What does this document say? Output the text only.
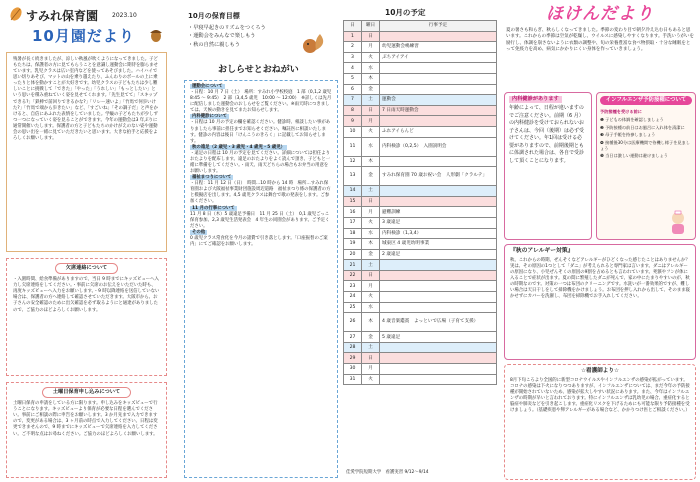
すみれ保育園 2023.10
10月園だより

残暑が長く続きましたが、涼しい秋風が吹くようになってきました。子どもたちは、保護者の方に見てもらうことを意識し運動会に期待を膨らませています。乳児クラスは広い室内などを使ってあそびました。ハイハイで思い切りあそび、マットの山を乗り越えたり、ふんわりのボールの上に乗ったりと体を動かすことが大好きです。幼児クラスの子どもたちは少し難しいことに挑戦して「できた」「やった」「うれしい」「もっとしたい」という思いを積み重ねていく姿を見せてくれます。「先生見てて」「スキップできる?」「鉄棒で前回りできるかな?」「リレー速いよ」「竹馬で何歩いけた?」「竹馬で端から歩きたい」など、「すごいね」「その調子だ」と声をかけると、自信にあふれた表情をしていました。学級の子どもたちが少しずつ一つになっていく姿を見ることができます。今年の運動会は3 年ぶりに通常開催いたします。保護者の方と子どもたちのかけがえのない姿や運動会の思い出を一緒に見ていただきたいと思います。大きな拍手と応援をよろしくお願いします。

欠席連絡について
・入園時間、給食準備がありますので、当日 9 時までにキッズビューへ入力し欠席連絡をしてください。・事前に欠席のお伝えをいただいた時も、再度キッズビューへ入力をお願いします。・9 時以降連絡を送信していない場合は、保護者の方へ連絡して確認させていただきます。大阪市から、お子さんの安全確認のために出欠確認を必ず取るようにと通達がありましたので、ご協力のほどよろしくお願いします。
土曜日保育申し込みについて
土曜日保育の申請をしている方に限ります。申し込みをキッズビューで行うことになります。キッズビューより保育が必要な日程を選んでください。事前にご相談の際に申告をお願いします。3 か月先まで入力できますので、変更がある場合は、3 ヶ月前の時点で入力してください。日程は変更できませんので、9 時までにキッズビューで欠席連絡を入力してください。ご不明な点はお尋ねください。ご協力のほどよろしくお願いします。
10月の保育目標
・早寝早起きのリズムをつくろう
・運動会をみんなで楽しもう
・秋の自然に親しもう
おしらせとおねがい
運動会について
・日程：10 月 7 日（土）　場所：すみれ小学校校庭　1 部（0,1,2 歳児　8:45 〜 9:45）　2 部（3,4,5 歳児　10:00 〜 12:00）　※詳しくは先月に配信しました運動会のおしらせをご覧ください。※雨天時につきましては、天候の動きを見てまたお知らせします。
内科健診について
・日程は 10 月の予定の欄を確認ください。健診時、相談したい事がありましたら事前に担任までお知らせください。嘱託医に相談いたします。健診の内容は後日「けんこうのきろく」に記載してお知らせします。
秋の遠足（2 歳児・3 歳児・4 歳児・5 歳児）
・遠足の日程は 10 月の予定を見てください。詳細については担任よりおたよりを配布します。遠足のおたよりをよく読んで頂き、子どもと一緒に準備をしてください。・雨天、雨天どちらの場合もお弁当の用意をお願いします。
福祉まつりについて
・日程：11 月 12 日（日）　時間…10 時から 14 時　場所…すみれ保育園および大阪福祉事業財団施設周辺道路　福祉まつり係の保護者の方と模擬店を出します。4,5 歳児クラスは舞台で歌の発表をします。ご参加ください。
11 月の行事について
11 月 8 日（木）5 歳遠足予備日　11 月 25 日（土）　0,1 歳児ごっこ保育参加、2,3 歳児生活発表会　4 年生の同園会があります。ご予定ください。
その他
0 歳児クラス常食化を今月の諸費で引き落とします。「口座振替のご案内」にてご確認をお願いします。
10月の予定
日	曜日	行事予定
1	日	
2	月	幼児運動会嶋練習
3	火	ぶちアイアイ
4	水	
5	木	
6	金	
7	土	運動会
8	日	7 日雨天時運動会
9	月	
10	火	ふれアイらんど
11	水	内科検診（0,2,5）　入園説明会
12	木	
13	金	すみれ保育園 70 歳お祝い会　人形劇「クラルテ」
14	土	
15	日	
16	月	避難訓練
17	火	3 歳遠足
18	水	内科検診（1,3,4）
19	木	城東区 4 歳児幼明事業
20	金	2 歳遠足
21	土	
22	日	
23	月	
24	火	
25	水	
26	木	4 歳音楽鑑賞　よっといで広場（子育て支援）
27	金	5 歳遠足
28	土	
29	日	
30	月	
31	火	
佳愛学院短期大学　看護実習 9/12〜9/14
ほけんだより
夏の暑さも和らぎ、秋らしくなってきました。季節の変わり目で朝夕冷え込む日もあると思います。これからの季節は空気が乾燥し、ウイルスに感染しやすくなります。手洗いうがいを励行し、体調を崩さないように衣類の調整や、旬の栄養豊富な食べ物摂取・十分な睡眠をとって免疫力を高め、病気にかかりにくい身体を作っていきましょう。
内科健診があります
年齢によって、日程が違いますのでご注意ください。前期（6 月）の内科健診を受けておられないお子さんは、今回（後期）は必ず受けてください。年1回は受ける必要がありますので、前期後期ともに体調された場合は、各自で受診して頂くことになります。
インフルエンザ予防接種について
予防接種を受ける前に
❶ 子どもの体調を確認しましょう
❷ 予防接種の前日はお風呂に入れ体を清潔に
❸ 母子手帳を持参しましょう
❹ 接種後30分は医療機関で待機し様子を見ましょう
❺ 当日は激しい運動は避けましょう
『秋のアレルギー対策』
秋、これからの時期、ぜんそくなどアレルギーがひどくなった感じたことはありませんか？実は、その原因の1つとして「ダニ」が考えられると専門家は言います。ダニはアレルギーの原因になり、小児ぜんそくの原因の9割を占めるとも言われています。死骸やフンが体に入ることで症状が出ます。夏の間に繁殖したダニが死んで、家の中にたまりやすいのが、秋の時期なのです。対策の一つは布団のクリーニングです。水洗いが一番効果的ですが、難しい場合は天日干しをして掃除機をかけましょう。お布団を押し入れから出して、そのまま寝かせずにカバーを洗濯し、布団を掃除機でお手入れしてください。
☆看護師より☆
8月下旬ころより全国的に新型コロナウイルスやインフルエンザの感染が拡がっています。コロナの感染は下火になりつつありますが、インフルエンザについては、まだ今年の予防接種が開始されていないため、感染が拡大しやすい状況にあります。また、今年はインフルエンザの時期が早いと言われております。特にインフルエンザは乳幼児の場合、重症化すると脳症や肺炎などを引き起こします。重症化リスクを下げるためにも可能な限り予防接種を受けましょう。（基礎疾患や卵アレルギーがある場合など、かかりつけ医とご相談ください。）
